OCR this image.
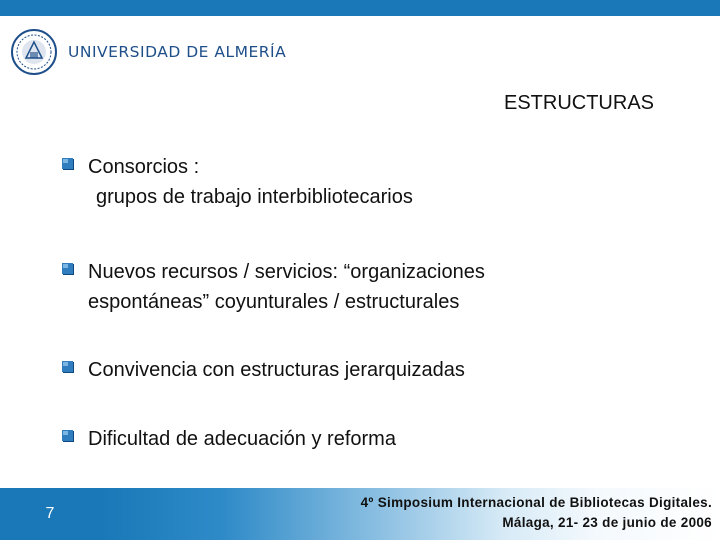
UNIVERSIDAD DE ALMERÍA
ESTRUCTURAS
Consorcios :
grupos de trabajo interbibliotecarios
Nuevos recursos / servicios: “organizaciones
espontáneas” coyunturales / estructurales
Convivencia con estructuras jerarquizadas
Dificultad de adecuación y reforma
7
4º Simposium Internacional de Bibliotecas Digitales.
Málaga, 21- 23 de junio de 2006
